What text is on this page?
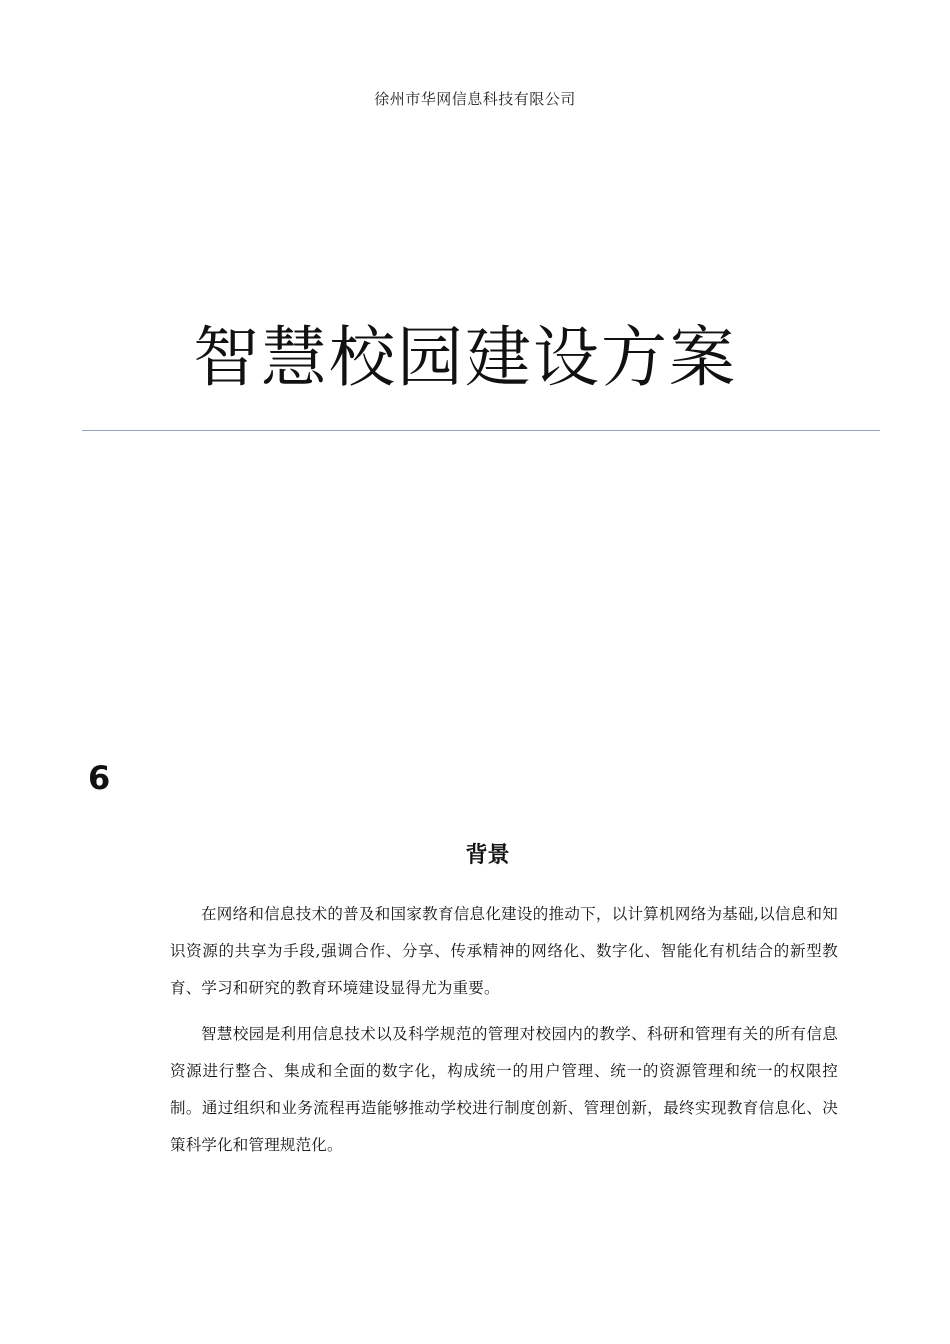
徐州市华网信息科技有限公司
智慧校园建设方案
6
背景

在网络和信息技术的普及和国家教育信息化建设的推动下，以计算机网络为基础,以信息和知识资源的共享为手段,强调合作、分享、传承精神的网络化、数字化、智能化有机结合的新型教育、学习和研究的教育环境建设显得尤为重要。

智慧校园是利用信息技术以及科学规范的管理对校园内的教学、科研和管理有关的所有信息资源进行整合、集成和全面的数字化，构成统一的用户管理、统一的资源管理和统一的权限控制。通过组织和业务流程再造能够推动学校进行制度创新、管理创新，最终实现教育信息化、决策科学化和管理规范化。
